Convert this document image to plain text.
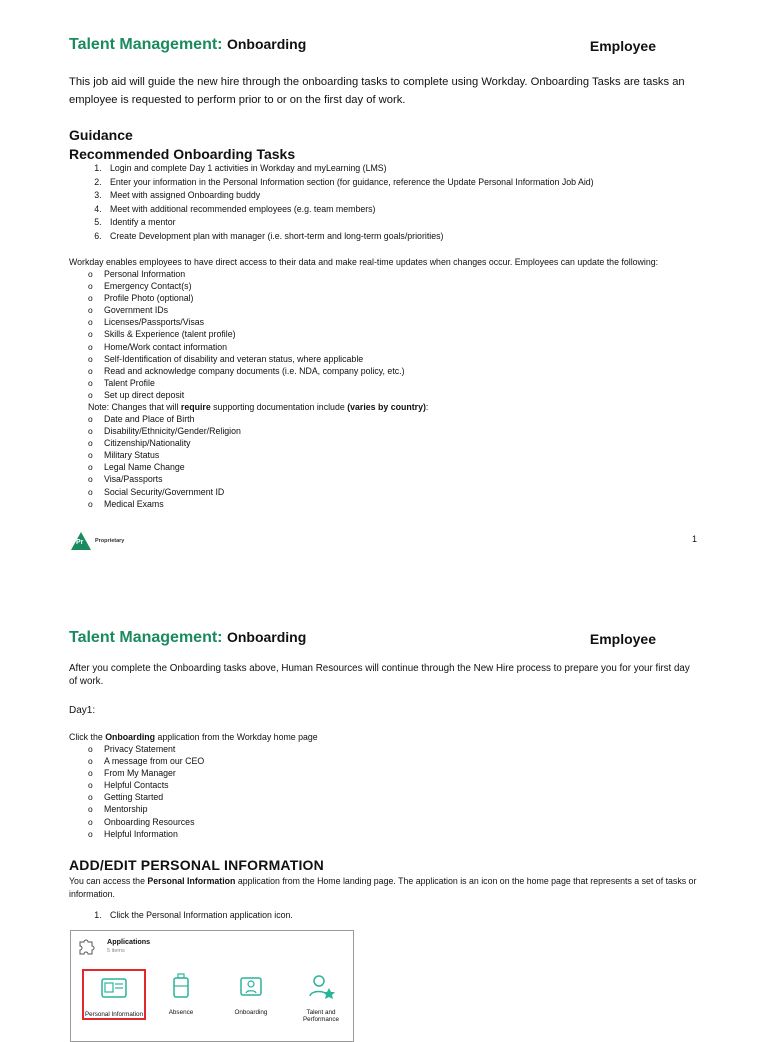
Talent Management: Onboarding	Employee
This job aid will guide the new hire through the onboarding tasks to complete using Workday. Onboarding Tasks are tasks an employee is requested to perform prior to or on the first day of work.
Guidance
Recommended Onboarding Tasks
1. Login and complete Day 1 activities in Workday and myLearning (LMS)
2. Enter your information in the Personal Information section (for guidance, reference the Update Personal Information Job Aid)
3. Meet with assigned Onboarding buddy
4. Meet with additional recommended employees (e.g. team members)
5. Identify a mentor
6. Create Development plan with manager (i.e. short-term and long-term goals/priorities)
Workday enables employees to have direct access to their data and make real-time updates when changes occur. Employees can update the following:
o Personal Information
o Emergency Contact(s)
o Profile Photo (optional)
o Government IDs
o Licenses/Passports/Visas
o Skills & Experience (talent profile)
o Home/Work contact information
o Self-Identification of disability and veteran status, where applicable
o Read and acknowledge company documents (i.e. NDA, company policy, etc.)
o Talent Profile
o Set up direct deposit
Note: Changes that will require supporting documentation include (varies by country):
o Date and Place of Birth
o Disability/Ethnicity/Gender/Religion
o Citizenship/Nationality
o Military Status
o Legal Name Change
o Visa/Passports
o Social Security/Government ID
o Medical Exams
Pr Proprietary	1
Talent Management: Onboarding	Employee
After you complete the Onboarding tasks above, Human Resources will continue through the New Hire process to prepare you for your first day of work.
Day1:
Click the Onboarding application from the Workday home page
o Privacy Statement
o A message from our CEO
o From My Manager
o Helpful Contacts
o Getting Started
o Mentorship
o Onboarding Resources
o Helpful Information
ADD/EDIT PERSONAL INFORMATION
You can access the Personal Information application from the Home landing page. The application is an icon on the home page that represents a set of tasks or information.
1. Click the Personal Information application icon.
Applications
5 items
Personal Information	Absence	Onboarding	Talent and Performance
